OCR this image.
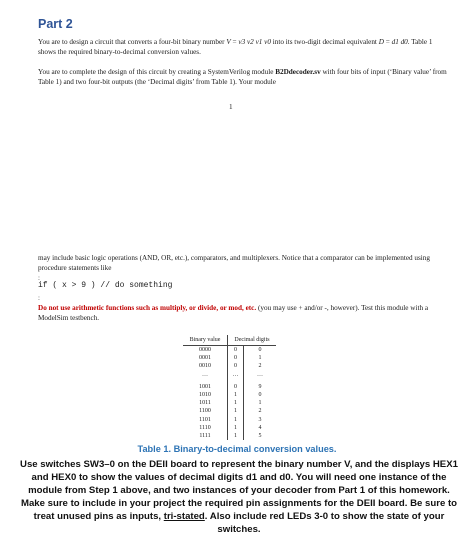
Part 2
You are to design a circuit that converts a four-bit binary number V = v3 v2 v1 v0 into its two-digit decimal equivalent D = d1 d0. Table 1 shows the required binary-to-decimal conversion values.
You are to complete the design of this circuit by creating a SystemVerilog module B2Ddecoder.sv with four bits of input (‘Binary value’ from Table 1) and two four-bit outputs (the ‘Decimal digits’ from Table 1). Your module
1
may include basic logic operations (AND, OR, etc.), comparators, and multiplexers. Notice that a comparator can be implemented using procedure statements like
:
if ( x > 9 ) // do something
:
Do not use arithmetic functions such as multiply, or divide, or mod, etc. (you may use + and/or -, however). Test this module with a ModelSim testbench.
Binary value	Decimal digits	
0000	0	0
0001	0	1
0010	0	2
…	…	…

1001	0	9
1010	1	0
1011	1	1
1100	1	2
1101	1	3
1110	1	4
1111	1	5
Table 1. Binary-to-decimal conversion values.
Use switches SW3–0 on the DEII board to represent the binary number V, and the displays HEX1 and HEX0 to show the values of decimal digits d1 and d0. You will need one instance of the module from Step 1 above, and two instances of your decoder from Part 1 of this homework. Make sure to include in your project the required pin assignments for the DEII board. Be sure to treat unused pins as inputs, tri-stated. Also include red LEDs 3-0 to show the state of your switches.
